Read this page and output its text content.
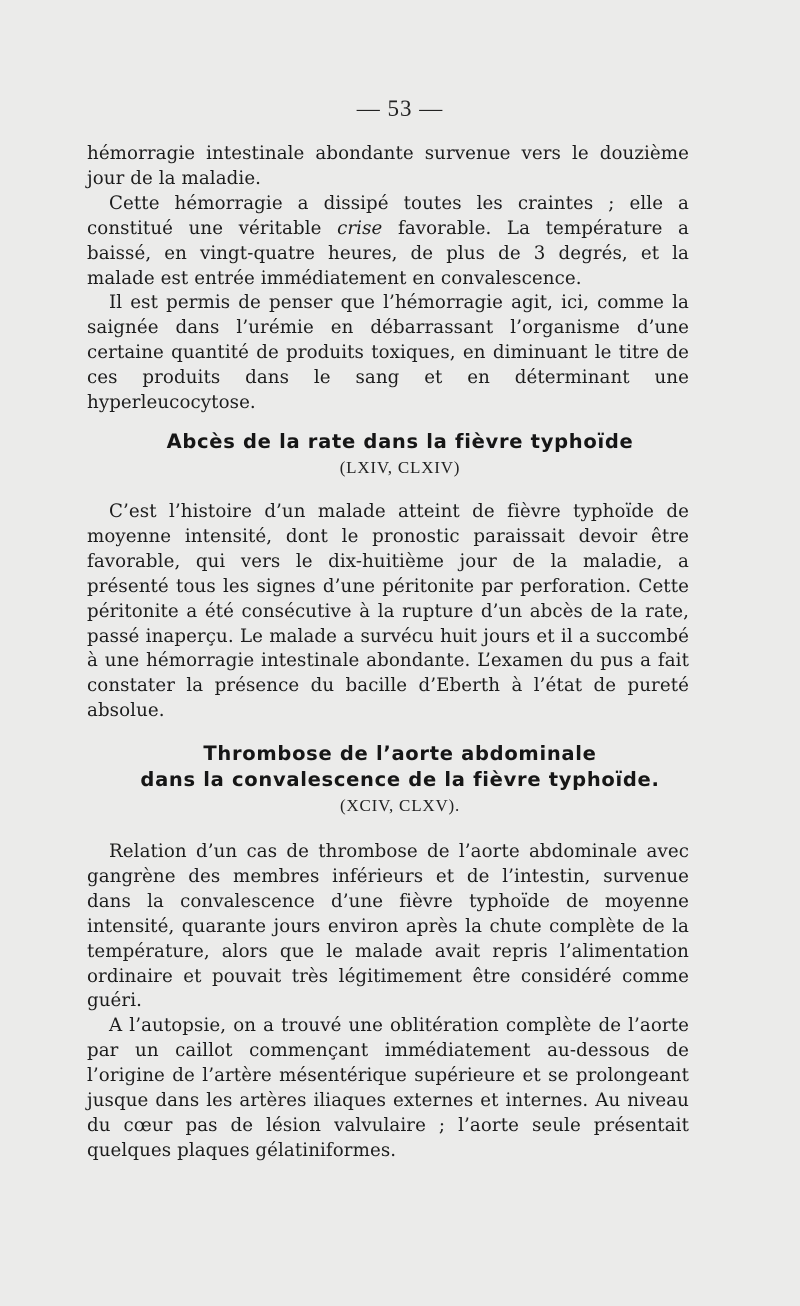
— 53 —

hémorragie intestinale abondante survenue vers le douzième jour de la maladie.

Cette hémorragie a dissipé toutes les craintes ; elle a constitué une véritable crise favorable. La température a baissé, en vingt-quatre heures, de plus de 3 degrés, et la malade est entrée immédiatement en convalescence.

Il est permis de penser que l’hémorragie agit, ici, comme la saignée dans l’urémie en débarrassant l’organisme d’une certaine quantité de produits toxiques, en diminuant le titre de ces produits dans le sang et en déterminant une hyperleucocytose.

Abcès de la rate dans la fièvre typhoïde
(LXIV, CLXIV)

C’est l’histoire d’un malade atteint de fièvre typhoïde de moyenne intensité, dont le pronostic paraissait devoir être favorable, qui vers le dix-huitième jour de la maladie, a présenté tous les signes d’une péritonite par perforation. Cette péritonite a été consécutive à la rupture d’un abcès de la rate, passé inaperçu. Le malade a survécu huit jours et il a succombé à une hémorragie intestinale abondante. L’examen du pus a fait constater la présence du bacille d’Eberth à l’état de pureté absolue.

Thrombose de l’aorte abdominale
dans la convalescence de la fièvre typhoïde.
(XCIV, CLXV).

Relation d’un cas de thrombose de l’aorte abdominale avec gangrène des membres inférieurs et de l’intestin, survenue dans la convalescence d’une fièvre typhoïde de moyenne intensité, quarante jours environ après la chute complète de la température, alors que le malade avait repris l’alimentation ordinaire et pouvait très légitimement être considéré comme guéri.

A l’autopsie, on a trouvé une oblitération complète de l’aorte par un caillot commençant immédiatement au-dessous de l’origine de l’artère mésentérique supérieure et se prolongeant jusque dans les artères iliaques externes et internes. Au niveau du cœur pas de lésion valvulaire ; l’aorte seule présentait quelques plaques gélatiniformes.
